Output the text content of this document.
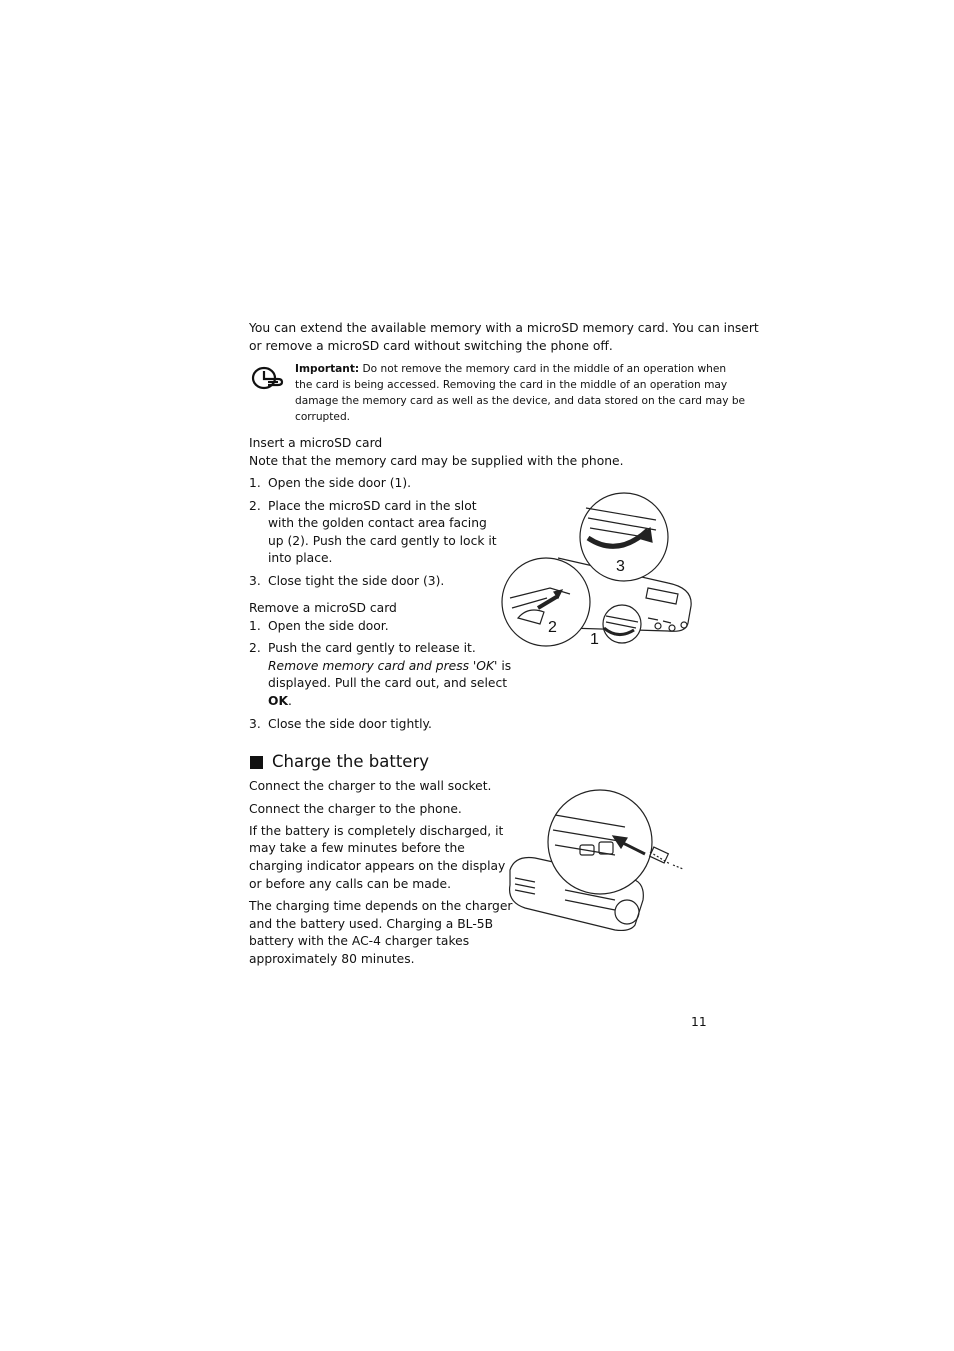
You can extend the available memory with a microSD memory card. You can insert
or remove a microSD card without switching the phone off.
Important: Do not remove the memory card in the middle of an operation when
the card is being accessed. Removing the card in the middle of an operation may
damage the memory card as well as the device, and data stored on the card may be
corrupted.
Insert a microSD card
Note that the memory card may be supplied with the phone.
1. Open the side door (1).
2. Place the microSD card in the slot
with the golden contact area facing
up (2). Push the card gently to lock it
into place.
3. Close tight the side door (3).
Remove a microSD card
1. Open the side door.
2. Push the card gently to release it.
Remove memory card and press 'OK' is
displayed. Pull the card out, and select
OK.
3. Close the side door tightly.
Charge the battery
Connect the charger to the wall socket.
Connect the charger to the phone.
If the battery is completely discharged, it
may take a few minutes before the
charging indicator appears on the display
or before any calls can be made.
The charging time depends on the charger
and the battery used. Charging a BL-5B
battery with the AC-4 charger takes
approximately 80 minutes.
3
2
1
11
